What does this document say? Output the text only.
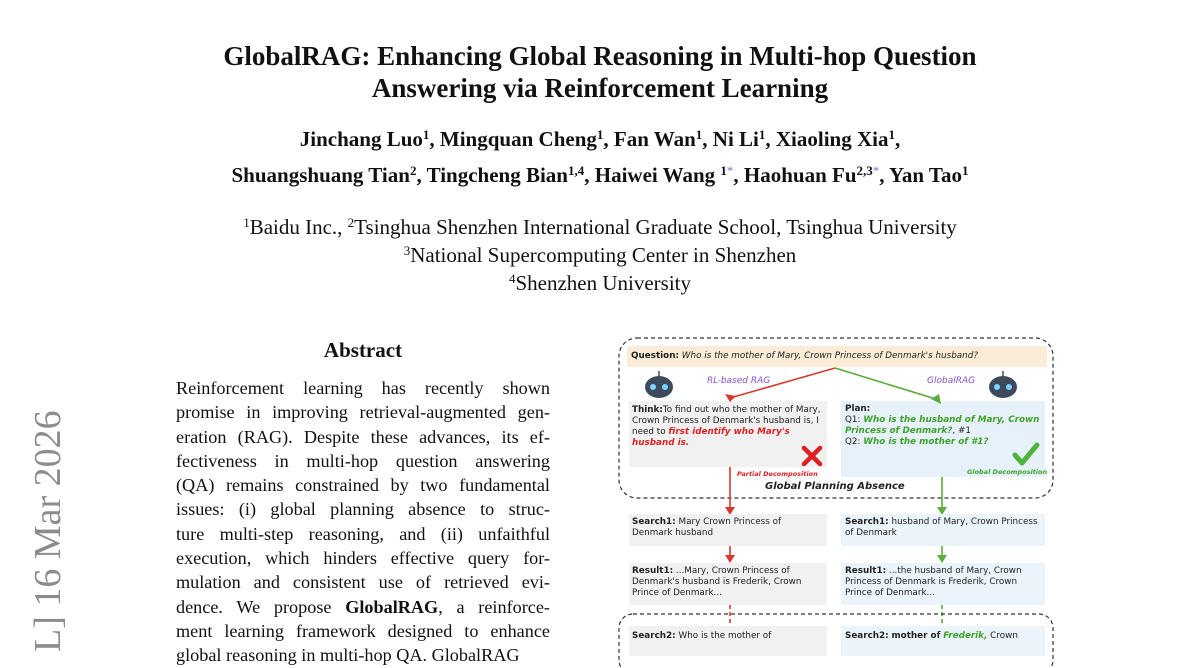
L] 16 Mar 2026
GlobalRAG: Enhancing Global Reasoning in Multi-hop Question
Answering via Reinforcement Learning
Jinchang Luo$^1$, Mingquan Cheng$^1$, Fan Wan$^1$, Ni Li$^1$, Xiaoling Xia$^1$,
Shuangshuang Tian$^2$, Tingcheng Bian$^{1,4}$, Haiwei Wang $^{1*}$, Haohuan $Fu^{2,3*}$, Yan Tao$^1$
$^1$Baidu Inc., $^2$Tsinghua Shenzhen International Graduate School, Tsinghua University
$^3$National Supercomputing Center in Shenzhen
$^4$Shenzhen University
Abstract
Reinforcement learning has recently shown
promise in improving retrieval-augmented gen-
eration (RAG). Despite these advances, its ef-
fectiveness in multi-hop question answering
(QA) remains constrained by two fundamental
issues: (i) global planning absence to struc-
ture multi-step reasoning, and (ii) unfaithful
execution, which hinders effective query for-
mulation and consistent use of retrieved evi-
dence. We propose GlobalRAG, a reinforce-
ment learning framework designed to enhance
global reasoning in multi-hop QA. GlobalRAG
Question: Who is the mother of Mary, Crown Princess of Denmark's husband?
RL-based RAG	GlobalRAG
Think:To find out who the mother of Mary, Crown Princess of Denmark's husband is, I need to first identify who Mary's husband is.
Partial Decomposition
Plan:
Q1: Who is the husband of Mary, Crown Princess of Denmark?, #1
Q2: Who is the mother of #1?
Global Decomposition
Global Planning Absence
Search1: Mary Crown Princess of Denmark husband
Search1: husband of Mary, Crown Princess of Denmark
Result1: ...Mary, Crown Princess of Denmark's husband is Frederik, Crown Prince of Denmark...
Result1: ...the husband of Mary, Crown Princess of Denmark is Frederik, Crown Prince of Denmark...
Search2: Who is the mother of	Search2: mother of Frederik, Crown
